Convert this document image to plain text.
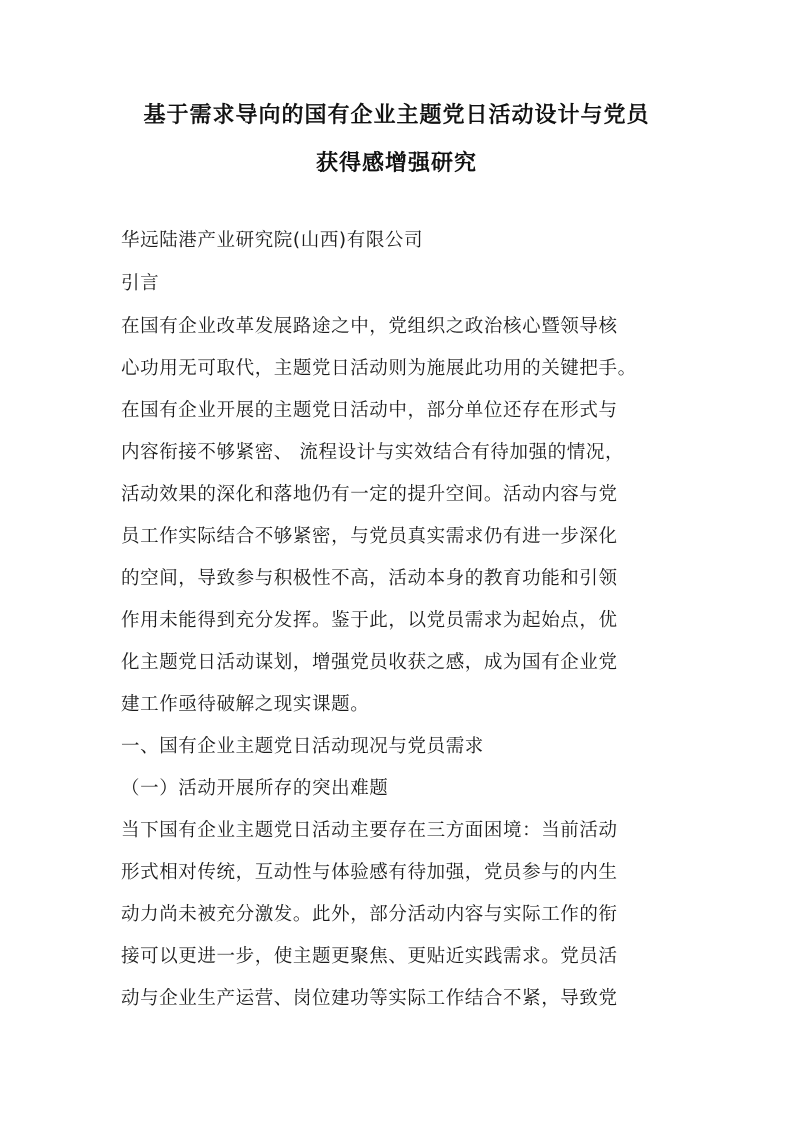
基于需求导向的国有企业主题党日活动设计与党员
获得感增强研究
华远陆港产业研究院(山西)有限公司
引言
在国有企业改革发展路途之中，党组织之政治核心暨领导核
心功用无可取代，主题党日活动则为施展此功用的关键把手。
在国有企业开展的主题党日活动中，部分单位还存在形式与
内容衔接不够紧密、 流程设计与实效结合有待加强的情况，
活动效果的深化和落地仍有一定的提升空间。活动内容与党
员工作实际结合不够紧密，与党员真实需求仍有进一步深化
的空间，导致参与积极性不高，活动本身的教育功能和引领
作用未能得到充分发挥。鉴于此，以党员需求为起始点，优
化主题党日活动谋划，增强党员收获之感，成为国有企业党
建工作亟待破解之现实课题。
一、国有企业主题党日活动现况与党员需求
（一）活动开展所存的突出难题
当下国有企业主题党日活动主要存在三方面困境：当前活动
形式相对传统，互动性与体验感有待加强，党员参与的内生
动力尚未被充分激发。此外，部分活动内容与实际工作的衔
接可以更进一步，使主题更聚焦、更贴近实践需求。党员活
动与企业生产运营、岗位建功等实际工作结合不紧，导致党
